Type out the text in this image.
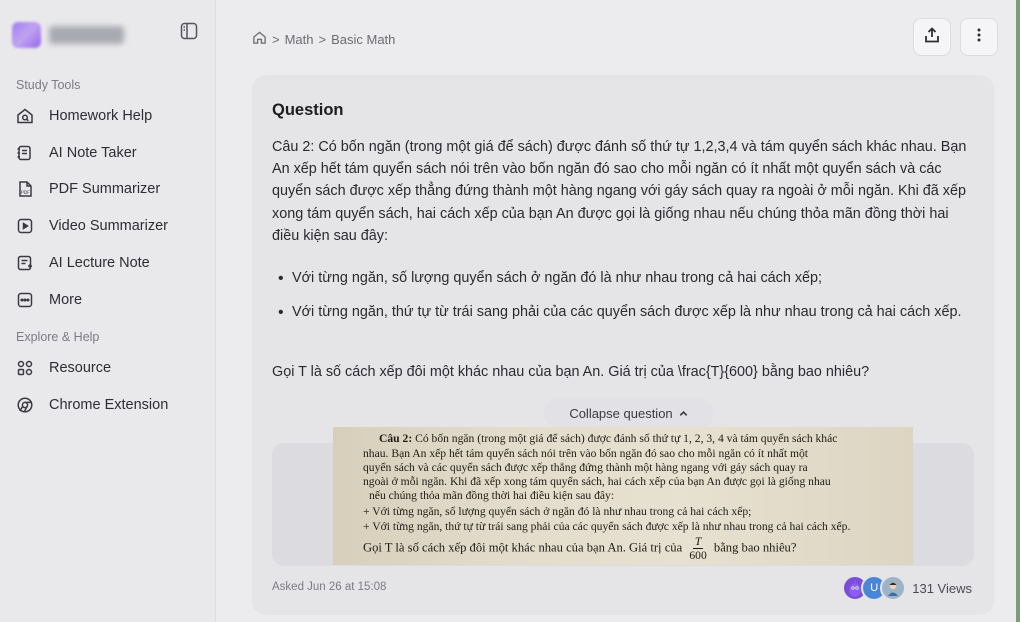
Study Tools
Homework Help
AI Note Taker
PDF PDF Summarizer
Video Summarizer
AI Lecture Note
More
Explore & Help
Resource
Chrome Extension
> Math > Basic Math
Question
Câu 2: Có bốn ngăn (trong một giá để sách) được đánh số thứ tự 1,2,3,4 và tám quyển sách khác nhau. Bạn An xếp hết tám quyển sách nói trên vào bốn ngăn đó sao cho mỗi ngăn có ít nhất một quyển sách và các quyển sách được xếp thẳng đứng thành một hàng ngang với gáy sách quay ra ngoài ở mỗi ngăn. Khi đã xếp xong tám quyển sách, hai cách xếp của bạn An được gọi là giống nhau nếu chúng thỏa mãn đồng thời hai điều kiện sau đây:
• Với từng ngăn, số lượng quyển sách ở ngăn đó là như nhau trong cả hai cách xếp;
• Với từng ngăn, thứ tự từ trái sang phải của các quyển sách được xếp là như nhau trong cả hai cách xếp.
Gọi T là số cách xếp đôi một khác nhau của bạn An. Giá trị của \frac{T}{600} bằng bao nhiêu?
Collapse question
Asked Jun 26 at 15:08	U	131 Views
Câu 2: Có bốn ngăn (trong một giá để sách) được đánh số thứ tự 1, 2, 3, 4 và tám quyển sách khác
nhau. Bạn An xếp hết tám quyển sách nói trên vào bốn ngăn đó sao cho mỗi ngăn có ít nhất một
quyển sách và các quyển sách được xếp thẳng đứng thành một hàng ngang với gáy sách quay ra
ngoài ở mỗi ngăn. Khi đã xếp xong tám quyển sách, hai cách xếp của bạn An được gọi là giống nhau
nếu chúng thỏa mãn đồng thời hai điều kiện sau đây:
+ Với từng ngăn, số lượng quyển sách ở ngăn đó là như nhau trong cả hai cách xếp;
+ Với từng ngăn, thứ tự từ trái sang phải của các quyển sách được xếp là như nhau trong cả hai cách xếp.
Gọi T là số cách xếp đôi một khác nhau của bạn An. Giá trị của $\frac{T}{600}$ bằng bao nhiêu?
